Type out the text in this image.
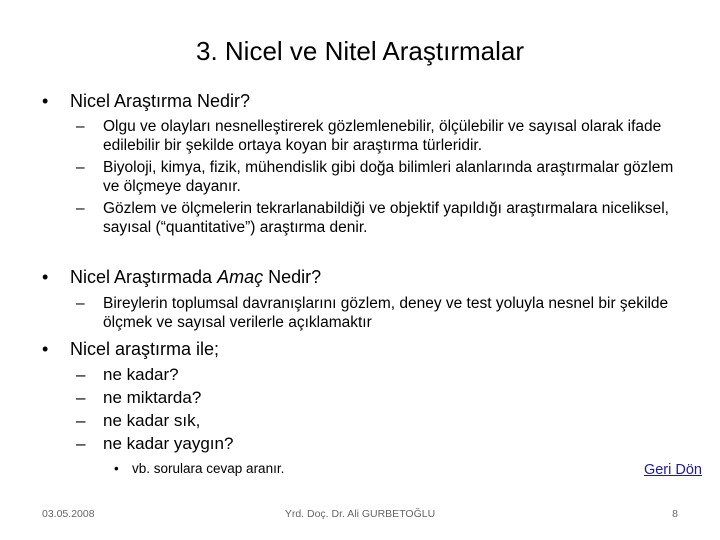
3. Nicel ve Nitel Araştırmalar
• Nicel Araştırma Nedir?
– Olgu ve olayları nesnelleştirerek gözlemlenebilir, ölçülebilir ve sayısal olarak ifade edilebilir bir şekilde ortaya koyan bir araştırma türleridir.
– Biyoloji, kimya, fizik, mühendislik gibi doğa bilimleri alanlarında araştırmalar gözlem ve ölçmeye dayanır.
– Gözlem ve ölçmelerin tekrarlanabildiği ve objektif yapıldığı araştırmalara niceliksel, sayısal (“quantitative”) araştırma denir.
• Nicel Araştırmada Amaç Nedir?
– Bireylerin toplumsal davranışlarını gözlem, deney ve test yoluyla nesnel bir şekilde ölçmek ve sayısal verilerle açıklamaktır
• Nicel araştırma ile;
– ne kadar?
– ne miktarda?
– ne kadar sık,
– ne kadar yaygın?
• vb. sorulara cevap aranır.	Geri Dön
03.05.2008	Yrd. Doç. Dr. Ali GURBETOĞLU	8
